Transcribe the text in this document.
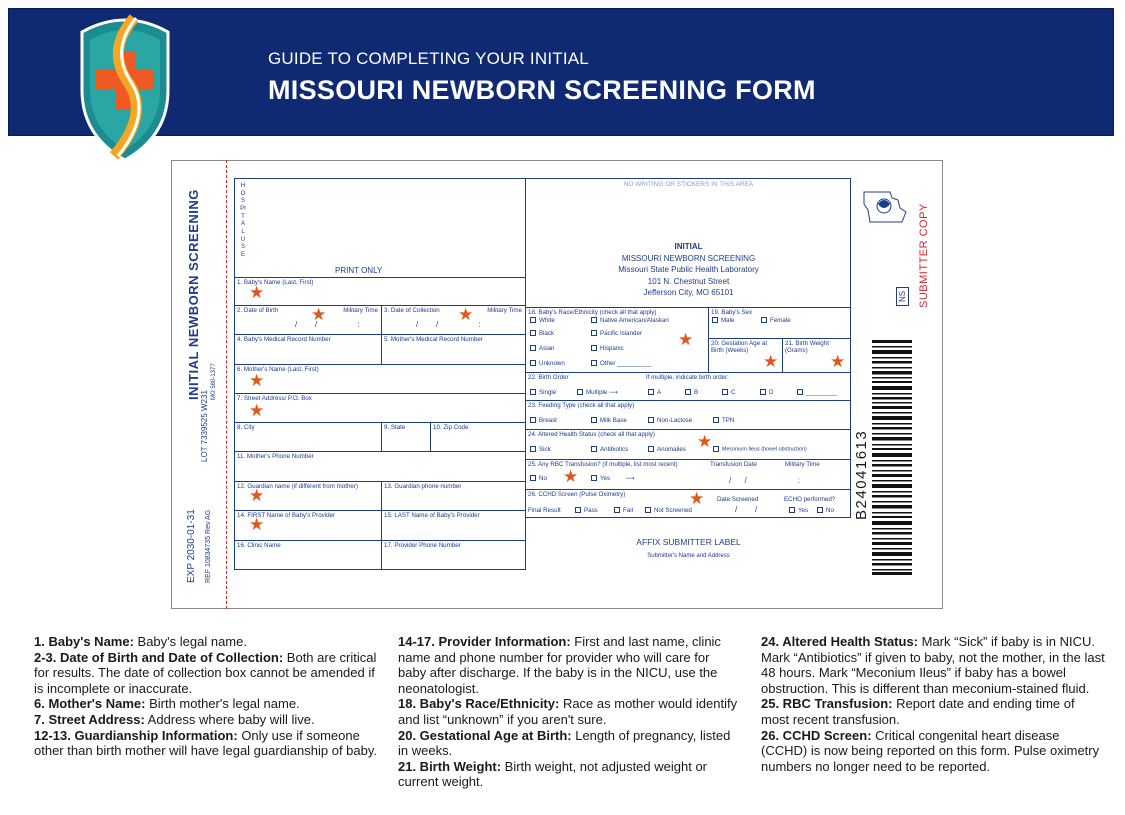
GUIDE TO COMPLETING YOUR INITIAL
MISSOURI NEWBORN SCREENING FORM
INITIAL NEWBORN SCREENING MO 580-1377
LOT 7339525 W231
EXP 2030-01-31 REF 10834735 Rev AG
SUBMITTER COPY
NS
B24041613
HOSPITAL USE
PRINT ONLY
1. Baby's Name (Last, First)
2. Date of Birth	Military Time
/        /                  :
3. Date of Collection	Military Time
/        /                  :
4. Baby's Medical Record Number	5. Mother's Medical Record Number
6. Mother's Name (Last, First)
7. Street Address/ P.O. Box
8. City	9. State	10. Zip Code
11. Mother's Phone Number
12. Guardian name (if different from mother)	13. Guardian phone number
14. FIRST Name of Baby's Provider	15. LAST Name of Baby's Provider
16. Clinic Name	17. Provider Phone Number
NO WRITING OR STICKERS IN THIS AREA
INITIAL
MISSOURI NEWBORN SCREENING
Missouri State Public Health Laboratory
101 N. Chestnut Street
Jefferson City, MO 65101
18. Baby's Race/Ethnicity (check all that apply)
White	Native American/Alaskan
Black	Pacific Islander
Asian	Hispanic
Unknown	Other __________
19. Baby's Sex
Male	Female
20. Gestation Age at Birth (Weeks)
21. Birth Weight (Grams)
22. Birth Order	If multiple, indicate birth order:
Single	Multiple ⟶	A	B	C	D	_________
23. Feeding Type (check all that apply)
Breast	Milk Base	Non-Lactose	TPN
24. Altered Health Status (check all that apply)
Sick	Antibiotics	Anomalies	Meconium Ileus (bowel obstruction)
25. Any RBC Transfusion? (if multiple, list most recent)	Transfusion Date	Military Time
/      /                       :
No	Yes         ⟶
26. CCHD Screen (Pulse Oximetry)
Date Screened	ECHO performed?
Final Result	Pass	Fail	Not Screened	/        /	Yes	No
AFFIX SUBMITTER LABEL
Submitter's Name and Address
★
★	★
★
★
★
★
★
★	★
★
★
★

1. Baby's Name: Baby's legal name.

2-3. Date of Birth and Date of Collection: Both are critical for results. The date of collection box cannot be amended if is incomplete or inaccurate.

6. Mother's Name: Birth mother's legal name.

7. Street Address: Address where baby will live.

12-13. Guardianship Information: Only use if someone other than birth mother will have legal guardianship of baby.

14-17. Provider Information: First and last name, clinic name and phone number for provider who will care for baby after discharge. If the baby is in the NICU, use the neonatologist.

18. Baby's Race/Ethnicity: Race as mother would identify and list “unknown” if you aren't sure.

20. Gestational Age at Birth: Length of pregnancy, listed in weeks.

21. Birth Weight: Birth weight, not adjusted weight or current weight.

24. Altered Health Status: Mark “Sick” if baby is in NICU. Mark “Antibiotics” if given to baby, not the mother, in the last 48 hours. Mark “Meconium Ileus” if baby has a bowel obstruction. This is different than meconium-stained fluid.

25. RBC Transfusion: Report date and ending time of most recent transfusion.

26. CCHD Screen: Critical congenital heart disease (CCHD) is now being reported on this form. Pulse oximetry numbers no longer need to be reported.
